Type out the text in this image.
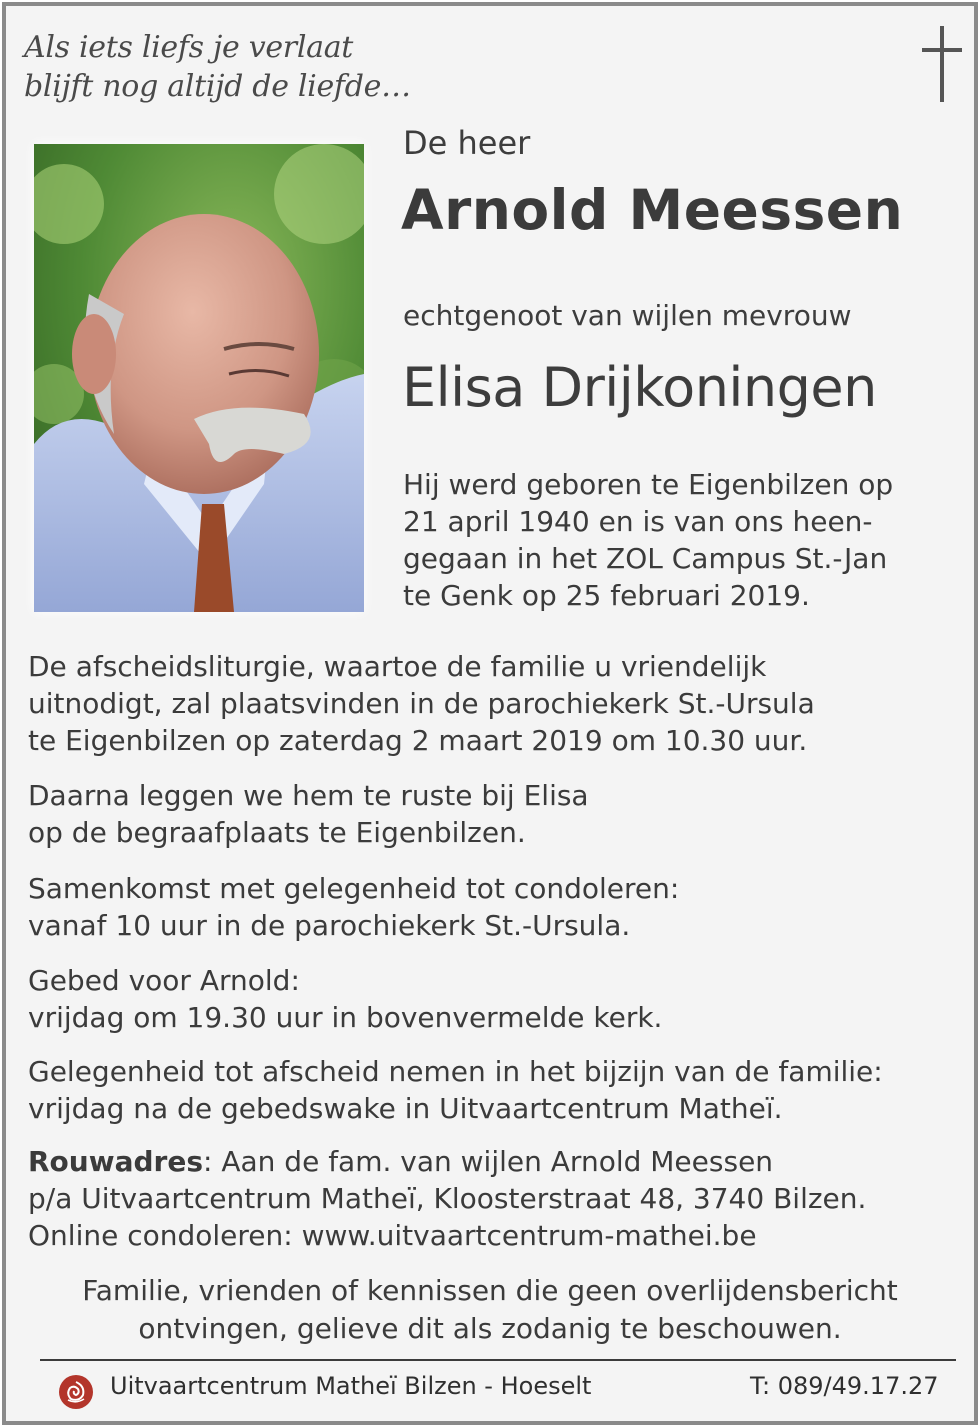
Als iets liefs je verlaat
blijft nog altijd de liefde…
De heer
Arnold Meessen
echtgenoot van wijlen mevrouw
Elisa Drijkoningen
Hij werd geboren te Eigenbilzen op
21 april 1940 en is van ons heen-
gegaan in het ZOL Campus St.-Jan
te Genk op 25 februari 2019.
De afscheidsliturgie, waartoe de familie u vriendelijk
uitnodigt, zal plaatsvinden in de parochiekerk St.-Ursula
te Eigenbilzen op zaterdag 2 maart 2019 om 10.30 uur.
Daarna leggen we hem te ruste bij Elisa
op de begraafplaats te Eigenbilzen.
Samenkomst met gelegenheid tot condoleren:
vanaf 10 uur in de parochiekerk St.-Ursula.
Gebed voor Arnold:
vrijdag om 19.30 uur in bovenvermelde kerk.
Gelegenheid tot afscheid nemen in het bijzijn van de familie:
vrijdag na de gebedswake in Uitvaartcentrum Matheï.
Rouwadres: Aan de fam. van wijlen Arnold Meessen
p/a Uitvaartcentrum Matheï, Kloosterstraat 48, 3740 Bilzen.
Online condoleren: www.uitvaartcentrum-mathei.be
Familie, vrienden of kennissen die geen overlijdensbericht
ontvingen, gelieve dit als zodanig te beschouwen.
Uitvaartcentrum Matheï Bilzen - Hoeselt	T: 089/49.17.27
